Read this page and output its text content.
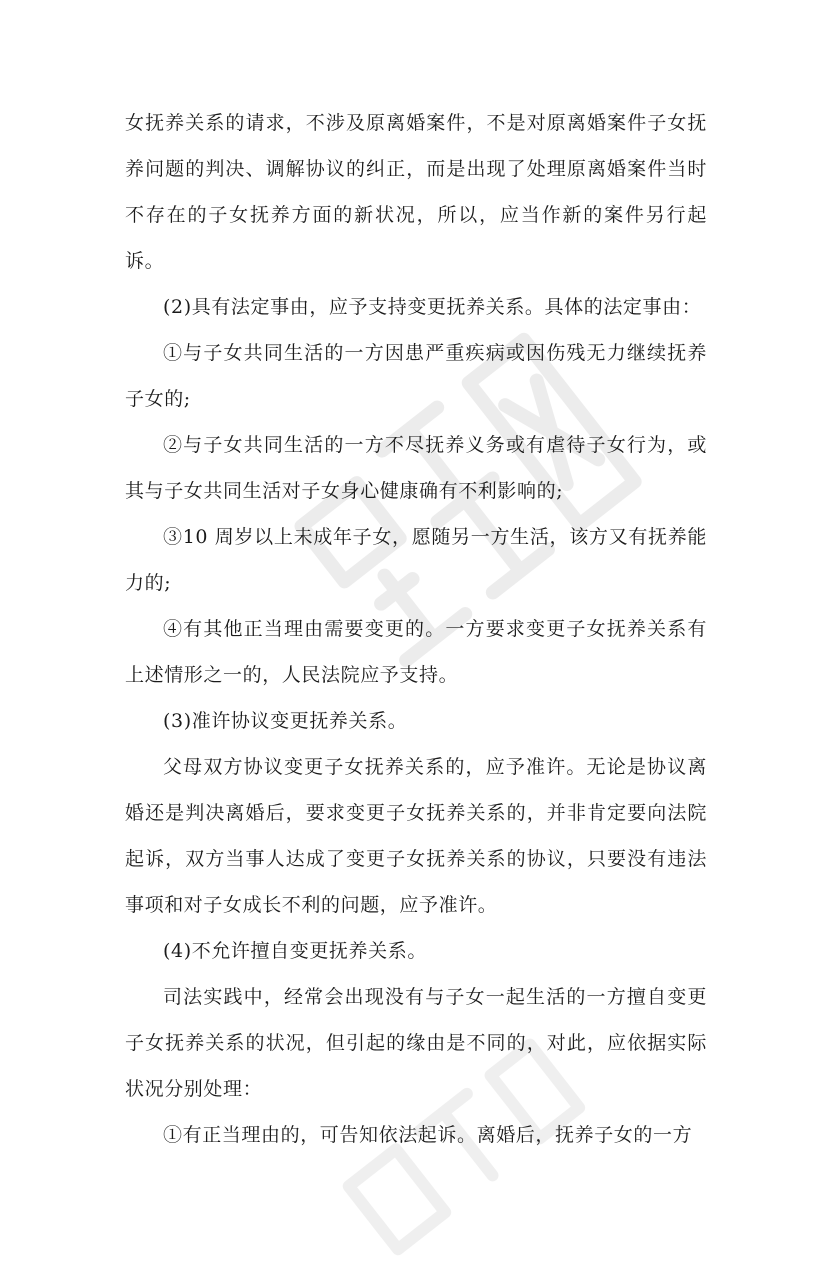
女抚养关系的请求，不涉及原离婚案件，不是对原离婚案件子女抚养问题的判决、调解协议的纠正，而是出现了处理原离婚案件当时不存在的子女抚养方面的新状况，所以，应当作新的案件另行起诉。

(2)具有法定事由，应予支持变更抚养关系。具体的法定事由：

①与子女共同生活的一方因患严重疾病或因伤残无力继续抚养子女的;

②与子女共同生活的一方不尽抚养义务或有虐待子女行为，或其与子女共同生活对子女身心健康确有不利影响的;

③10 周岁以上未成年子女，愿随另一方生活，该方又有抚养能力的;

④有其他正当理由需要变更的。一方要求变更子女抚养关系有上述情形之一的，人民法院应予支持。

(3)准许协议变更抚养关系。

父母双方协议变更子女抚养关系的，应予准许。无论是协议离婚还是判决离婚后，要求变更子女抚养关系的，并非肯定要向法院起诉，双方当事人达成了变更子女抚养关系的协议，只要没有违法事项和对子女成长不利的问题，应予准许。

(4)不允许擅自变更抚养关系。

司法实践中，经常会出现没有与子女一起生活的一方擅自变更子女抚养关系的状况，但引起的缘由是不同的，对此，应依据实际状况分别处理：

①有正当理由的，可告知依法起诉。离婚后，抚养子女的一方
